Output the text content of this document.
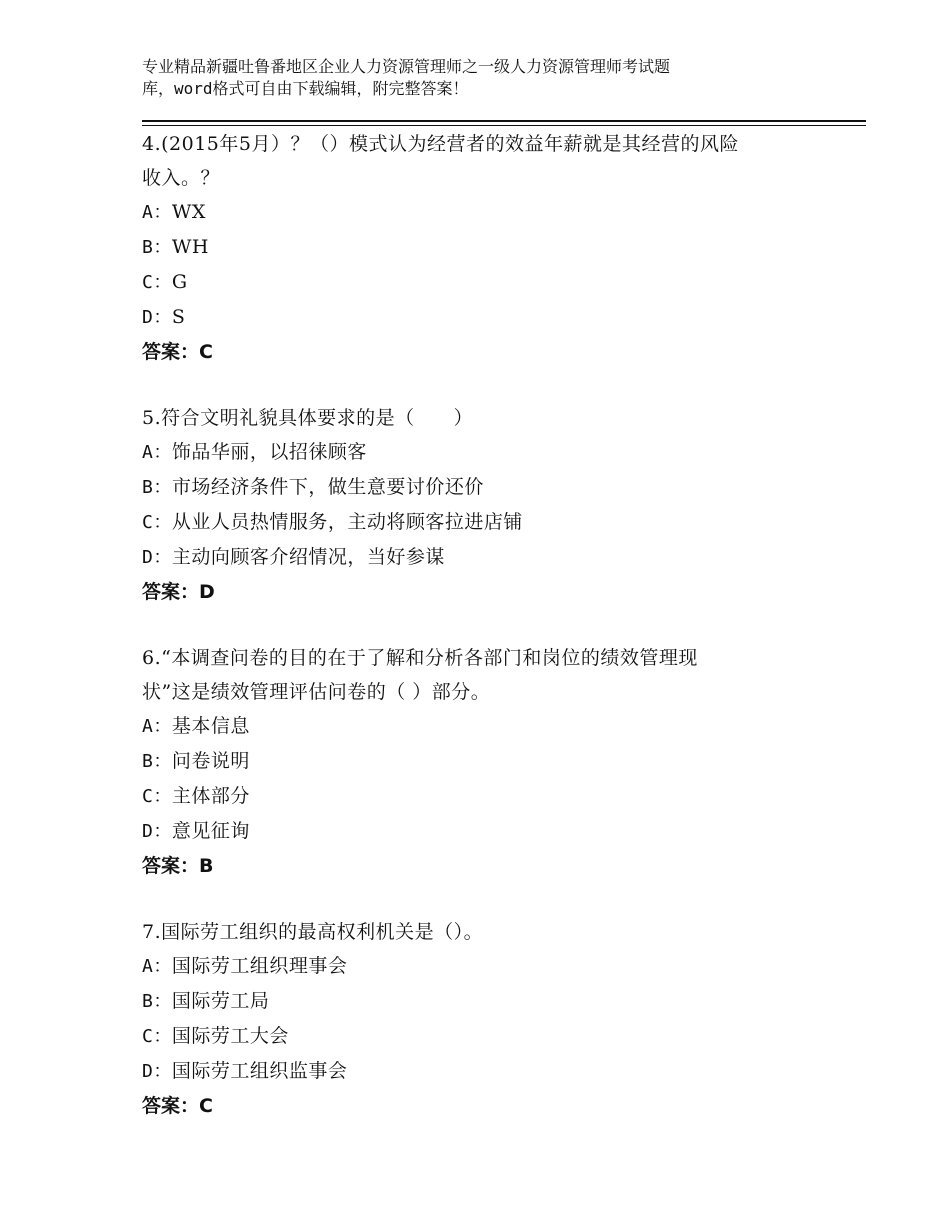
专业精品新疆吐鲁番地区企业人力资源管理师之一级人力资源管理师考试题
库，word格式可自由下载编辑，附完整答案！
4.(2015年5月）？（）模式认为经营者的效益年薪就是其经营的风险
收入。？
A：WX
B：WH
C：G
D：S
答案：C
5.符合文明礼貌具体要求的是（　　）
A：饰品华丽，以招徕顾客
B：市场经济条件下，做生意要讨价还价
C：从业人员热情服务，主动将顾客拉进店铺
D：主动向顾客介绍情况，当好参谋
答案：D
6.“本调查问卷的目的在于了解和分析各部门和岗位的绩效管理现
状”这是绩效管理评估问卷的（ ）部分。
A：基本信息
B：问卷说明
C：主体部分
D：意见征询
答案：B
7.国际劳工组织的最高权利机关是（）。
A：国际劳工组织理事会
B：国际劳工局
C：国际劳工大会
D：国际劳工组织监事会
答案：C
